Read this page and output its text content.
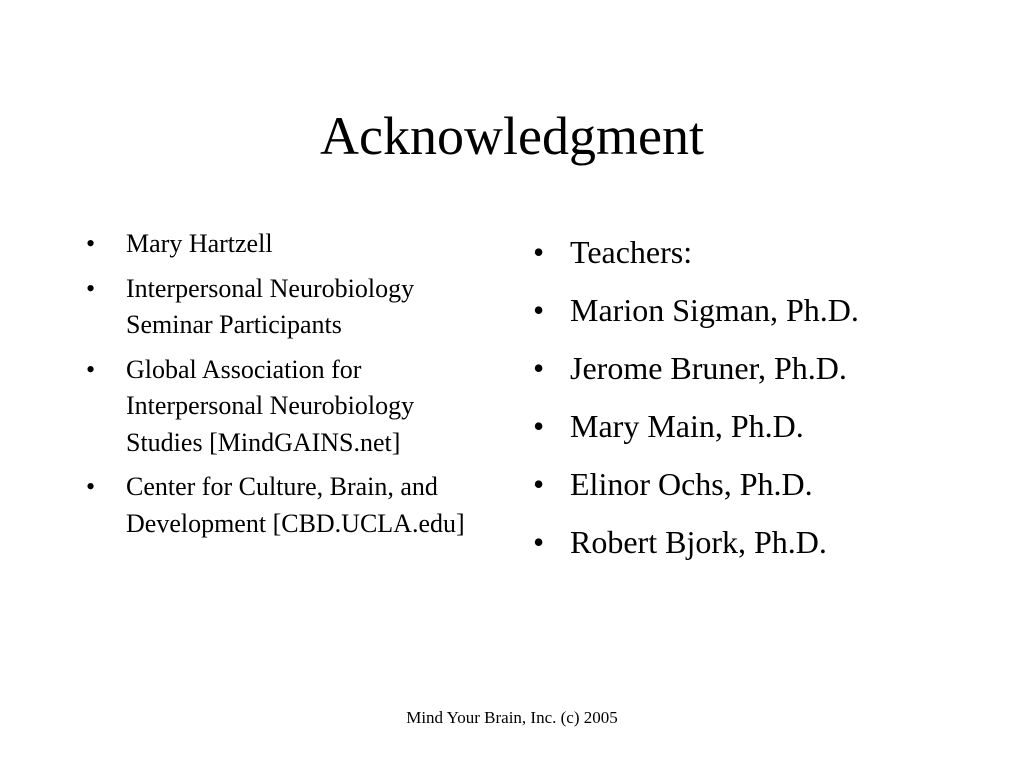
Acknowledgment
• Mary Hartzell
• Interpersonal Neurobiology Seminar Participants
• Global Association for Interpersonal Neurobiology Studies [MindGAINS.net]
• Center for Culture, Brain, and Development [CBD.UCLA.edu]
• Teachers:
• Marion Sigman, Ph.D.
• Jerome Bruner, Ph.D.
• Mary Main, Ph.D.
• Elinor Ochs, Ph.D.
• Robert Bjork, Ph.D.
Mind Your Brain, Inc. (c) 2005
